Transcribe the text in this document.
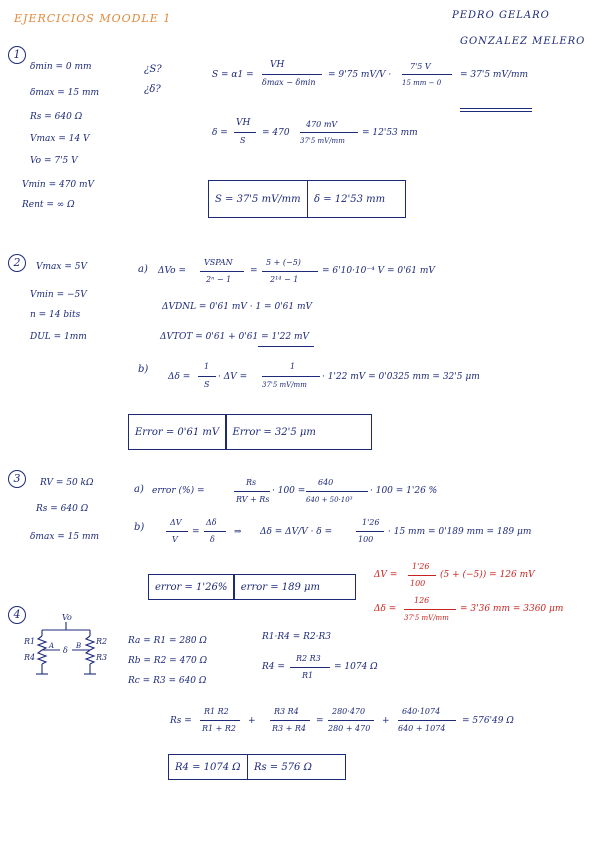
EJERCICIOS MOODLE 1	PEDRO GELARO
GONZALEZ MELERO
1
δmin = 0 mm
δmax = 15 mm
Rs = 640 Ω
Vmax = 14 V
Vo = 7'5 V
Vmin = 470 mV
Rent = ∞ Ω
¿S?
¿δ?
S = α1 =
VH
δmax − δmin
= 9'75 mV/V ·
7'5 V
15 mm − 0
= 37'5 mV/mm
δ =
VH
S
= 470
470 mV
37'5 mV/mm
= 12'53 mm
S = 37'5 mV/mm	δ = 12'53 mm
2	Vmax = 5V
Vmin = −5V
n = 14 bits
DUL = 1mm
a) ΔVo =
VSPAN
2ⁿ − 1
=
5 + (−5)
2¹⁴ − 1
= 6'10·10⁻⁴ V = 0'61 mV
ΔVDNL = 0'61 mV · 1 = 0'61 mV
ΔVTOT = 0'61 + 0'61 = 1'22 mV
b)
Δδ =
1
S
· ΔV =
1
37'5 mV/mm
· 1'22 mV = 0'0325 mm = 32'5 μm
Error = 0'61 mV	Error = 32'5 μm
3	RV = 50 kΩ
Rs = 640 Ω
δmax = 15 mm
a) error (%) =
Rs
RV + Rs
· 100 =
640
640 + 50·10³
· 100 = 1'26 %
b)	ΔV
V
=
Δδ
δ
⇒ Δδ = ΔV/V · δ =
1'26
100
· 15 mm = 0'189 mm = 189 μm
error = 1'26%	error = 189 μm
ΔV =
1'26
100
(5 + (−5)) = 126 mV
Δδ =
126
37'5 mV/mm
= 3'36 mm = 3360 μm
4	Vo
R1
R4
R2
R3
A	B
δ
Ra = R1 = 280 Ω
Rb = R2 = 470 Ω
Rc = R3 = 640 Ω
R1·R4 = R2·R3
R4 =
R2 R3
R1
= 1074 Ω
Rs =
R1 R2
R1 + R2
+
R3 R4
R3 + R4
=
280·470
280 + 470
+
640·1074
640 + 1074
= 576'49 Ω
R4 = 1074 Ω	Rs = 576 Ω
